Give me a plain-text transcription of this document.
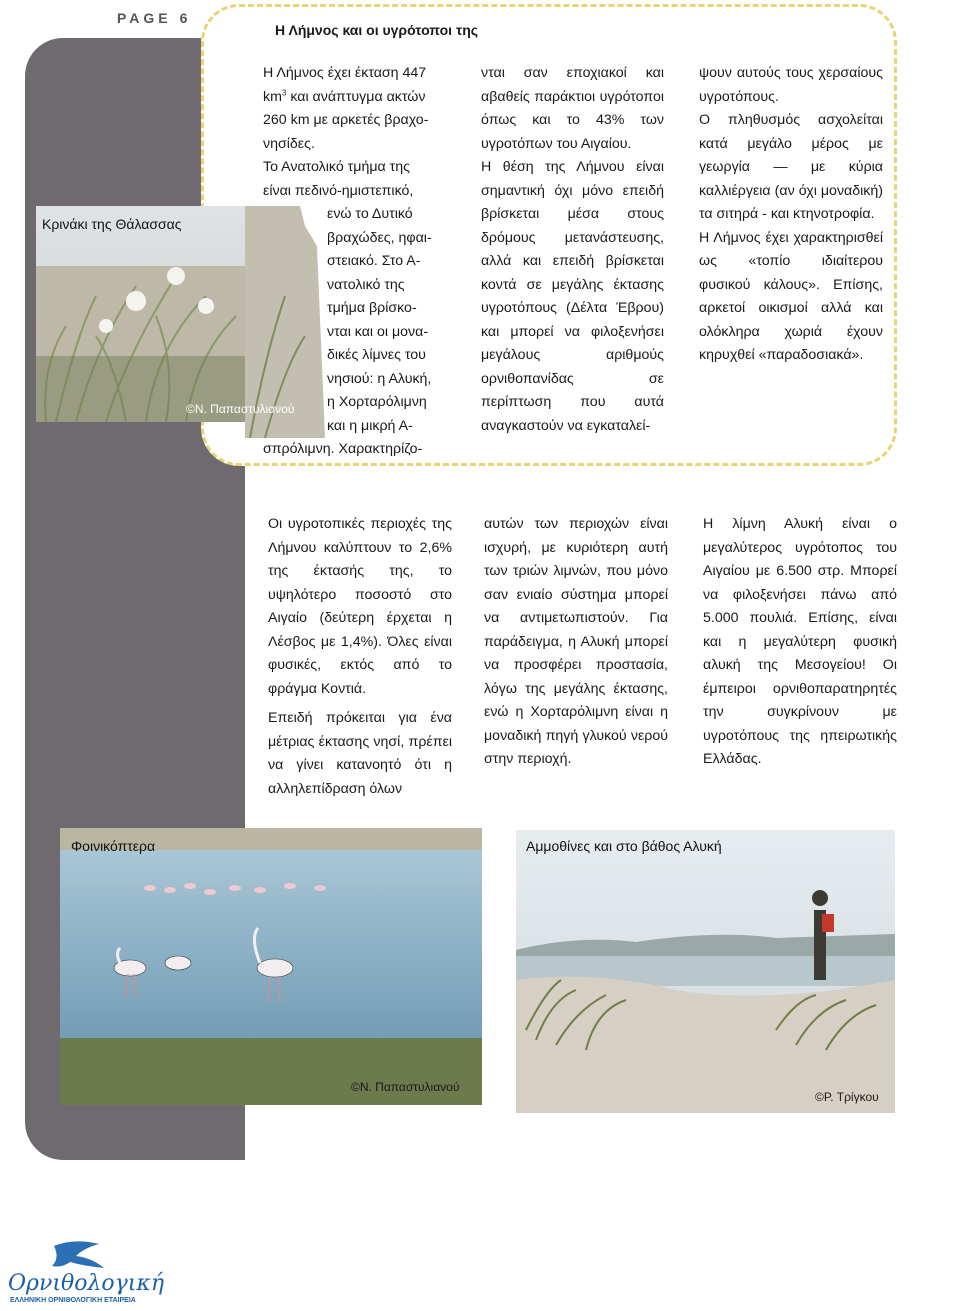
PAGE 6
Η Λήμνος και οι υγρότοποι της
Κρινάκι της Θάλασσας
©Ν. Παπαστυλιανού

Η Λήμνος έχει έκταση 447
$km^3$ και ανάπτυγμα ακτών
260 km με αρκετές βραχο-
νησίδες.
Το Ανατολικό τμήμα της
είναι πεδινό-ημιστεπικό,

ενώ το Δυτικό
βραχώδες, ηφαι-
στειακό. Στο Α-
νατολικό της
τμήμα βρίσκο-
νται και οι μονα-
δικές λίμνες του
νησιού: η Αλυκή,
η Χορταρόλιμνη
και η μικρή Α-

σπρόλιμνη. Χαρακτηρίζο-

νται σαν εποχιακοί και αβαθείς παράκτιοι υγρότοποι όπως και το 43% των υγροτόπων του Αιγαίου.

Η θέση της Λήμνου είναι σημαντική όχι μόνο επειδή βρίσκεται μέσα στους δρόμους μετανάστευσης, αλλά και επειδή βρίσκεται κοντά σε μεγάλης έκτασης υγροτόπους (Δέλτα Έβρου) και μπορεί να φιλοξενήσει μεγάλους αριθμούς ορνιθοπανίδας σε περίπτωση που αυτά αναγκαστούν να εγκαταλεί-

ψουν αυτούς τους χερσαίους υγροτόπους.

Ο πληθυσμός ασχολείται κατά μεγάλο μέρος με γεωργία — με κύρια καλλιέργεια (αν όχι μοναδική) τα σιτηρά - και κτηνοτροφία.

Η Λήμνος έχει χαρακτηρισθεί ως «τοπίο ιδιαίτερου φυσικού κάλους». Επίσης, αρκετοί οικισμοί αλλά και ολόκληρα χωριά έχουν κηρυχθεί «παραδοσιακά».

Οι υγροτοπικές περιοχές της Λήμνου καλύπτουν το 2,6% της έκτασής της, το υψηλότερο ποσοστό στο Αιγαίο (δεύτερη έρχεται η Λέσβος με 1,4%). Όλες είναι φυσικές, εκτός από το φράγμα Κοντιά.

Επειδή πρόκειται για ένα μέτριας έκτασης νησί, πρέπει να γίνει κατανοητό ότι η αλληλεπίδραση όλων

αυτών των περιοχών είναι ισχυρή, με κυριότερη αυτή των τριών λιμνών, που μόνο σαν ενιαίο σύστημα μπορεί να αντιμετωπιστούν. Για παράδειγμα, η Αλυκή μπορεί να προσφέρει προστασία, λόγω της μεγάλης έκτασης, ενώ η Χορταρόλιμνη είναι η μοναδική πηγή γλυκού νερού στην περιοχή.

Η λίμνη Αλυκή είναι ο μεγαλύτερος υγρότοπος του Αιγαίου με 6.500 στρ. Μπορεί να φιλοξενήσει πάνω από 5.000 πουλιά. Επίσης, είναι και η μεγαλύτερη φυσική αλυκή της Μεσογείου! Οι έμπειροι ορνιθοπαρατηρητές την συγκρίνουν με υγροτόπους της ηπειρωτικής Ελλάδας.

Φοινικόπτερα
©Ν. Παπαστυλιανού
Αμμοθίνες και στο βάθος Αλυκή
©Ρ. Τρίγκου
Ορνιθολογική
ΕΛΛΗΝΙΚΗ ΟΡΝΙΘΟΛΟΓΙΚΗ ΕΤΑΙΡΕΙΑ
